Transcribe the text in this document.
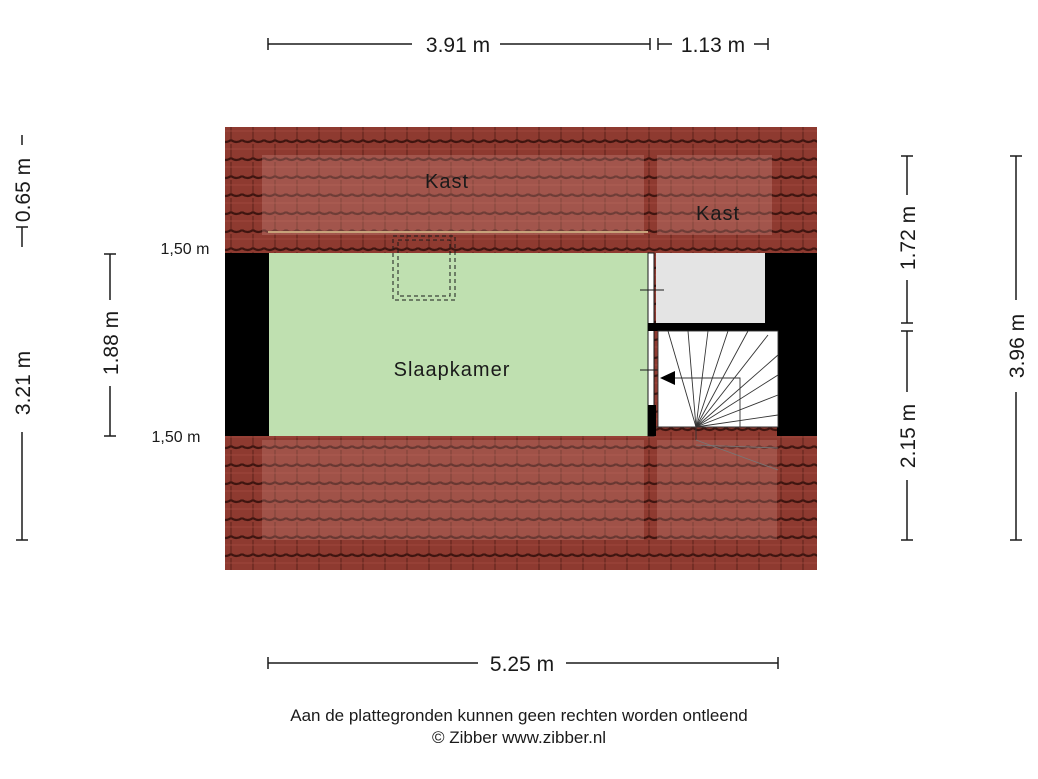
3.91 m	1.13 m
Kast
Kast
Slaapkamer
1,50 m
1,50 m
0.65 m
3.21 m
1.88 m
1.72 m
2.15 m
3.96 m
5.25 m
Aan de plattegronden kunnen geen rechten worden ontleend
© Zibber www.zibber.nl
